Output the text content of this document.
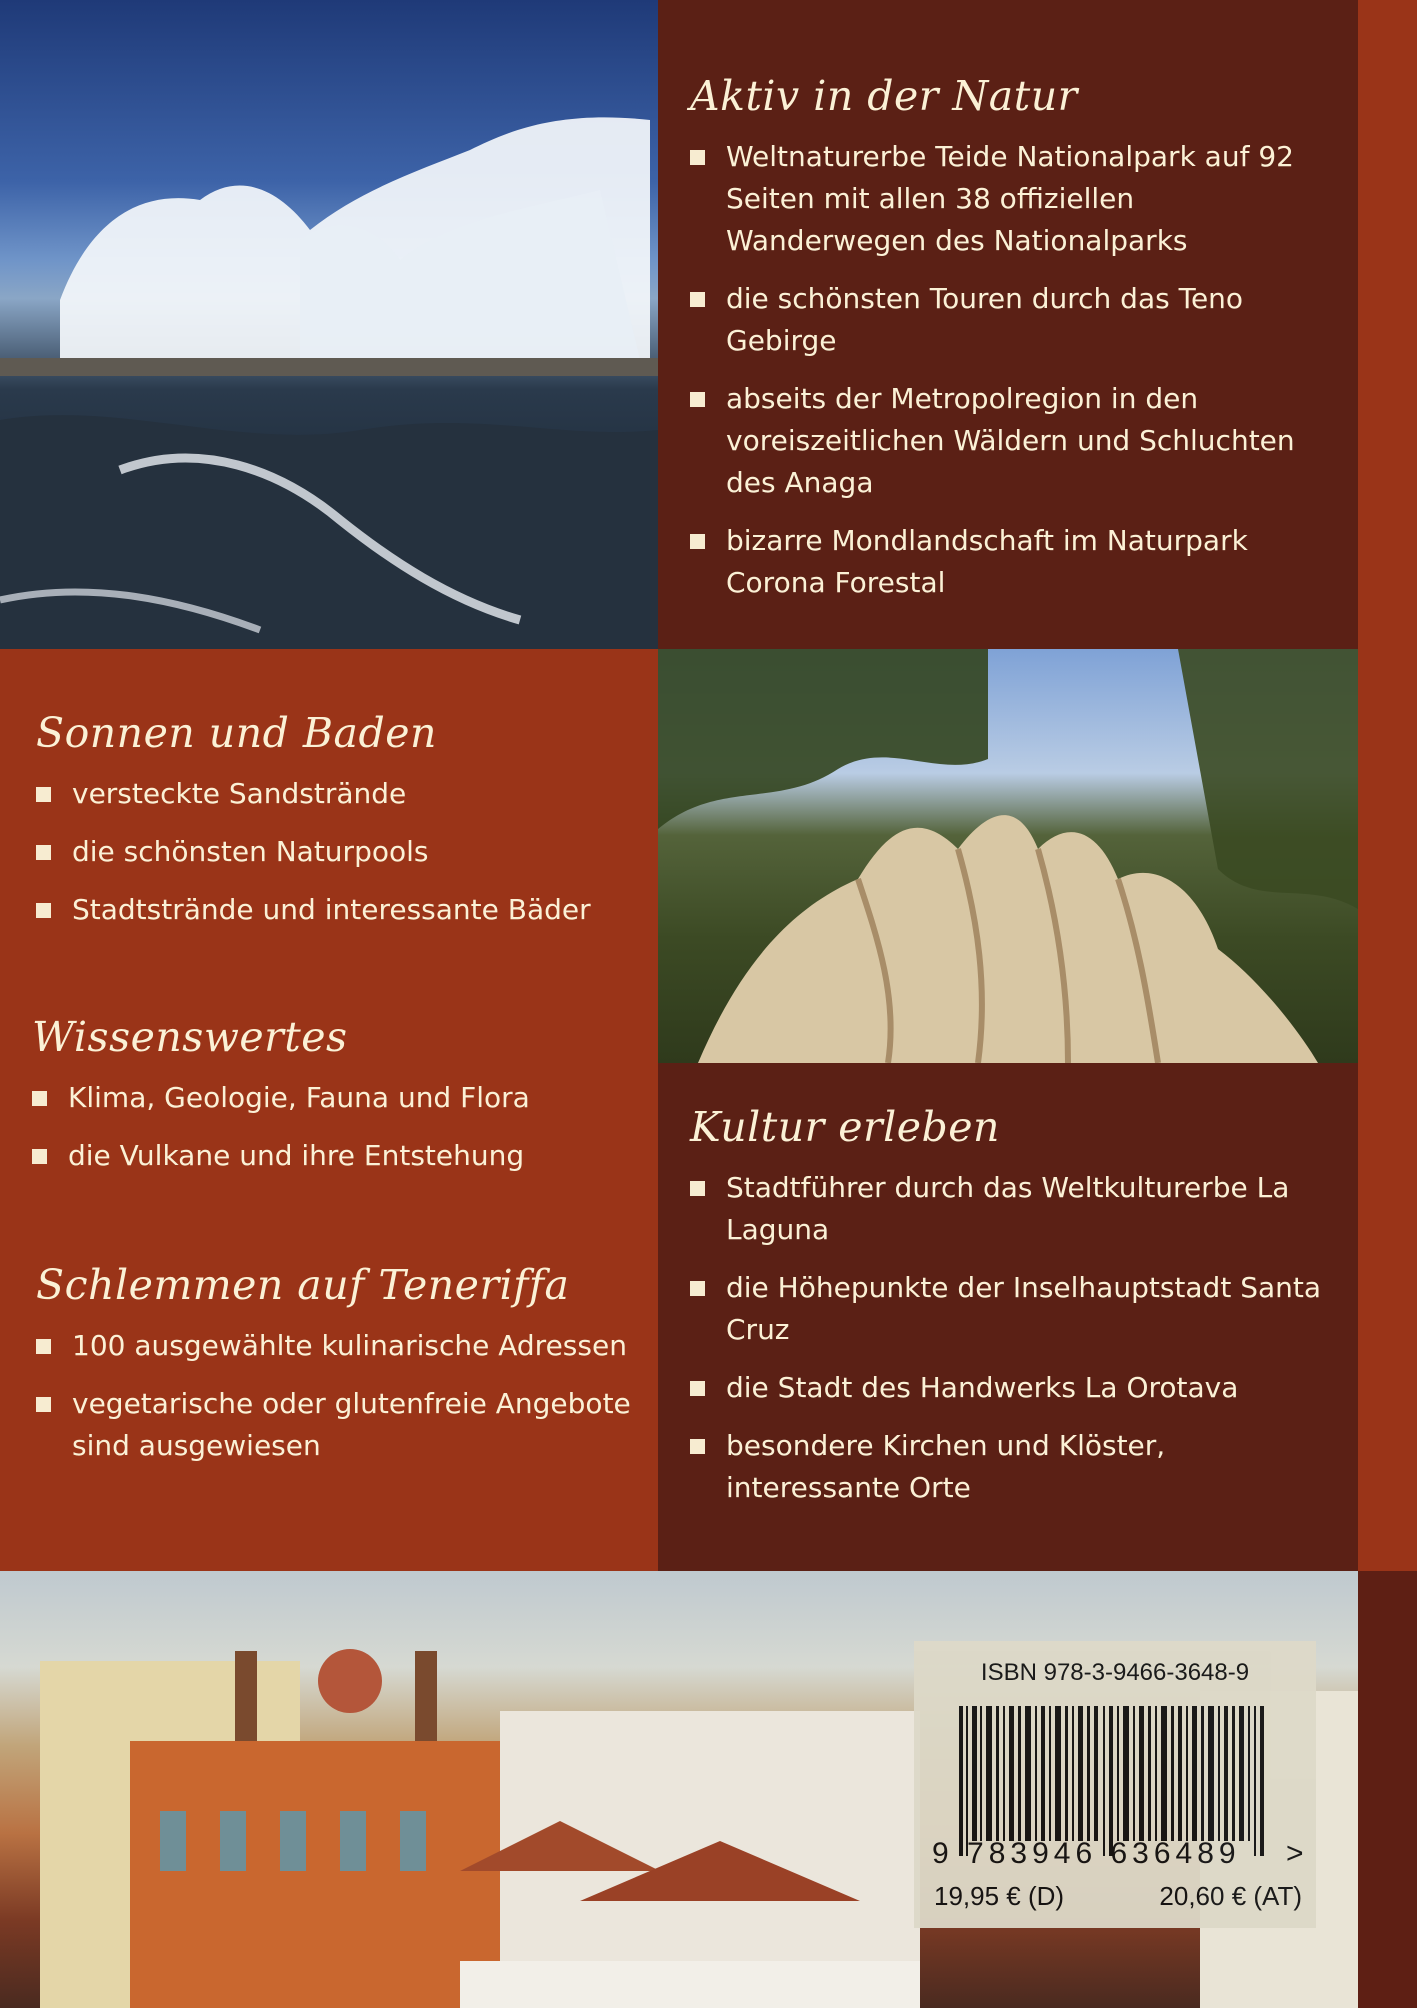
Aktiv in der Natur
Weltnaturerbe Teide Nationalpark auf 92 Seiten mit allen 38 offiziellen Wanderwegen des Nationalparks
die schönsten Touren durch das Teno Gebirge
abseits der Metropolregion in den voreiszeitlichen Wäldern und Schluchten des Anaga
bizarre Mondlandschaft im Naturpark Corona Forestal
Sonnen und Baden
versteckte Sandstrände
die schönsten Naturpools
Stadtstrände und interessante Bäder
Wissenswertes
Klima, Geologie, Fauna und Flora
die Vulkane und ihre Entstehung
Schlemmen auf Teneriffa
100 ausgewählte kulinarische Adressen
vegetarische oder glutenfreie Angebote sind ausgewiesen
Kultur erleben
Stadtführer durch das Weltkulturerbe La Laguna
die Höhepunkte der Inselhauptstadt Santa Cruz
die Stadt des Handwerks La Orotava
besondere Kirchen und Klöster, interessante Orte
ISBN 978-3-9466-3648-9
9 783946 636489 >
19,95 € (D)	20,60 € (AT)
